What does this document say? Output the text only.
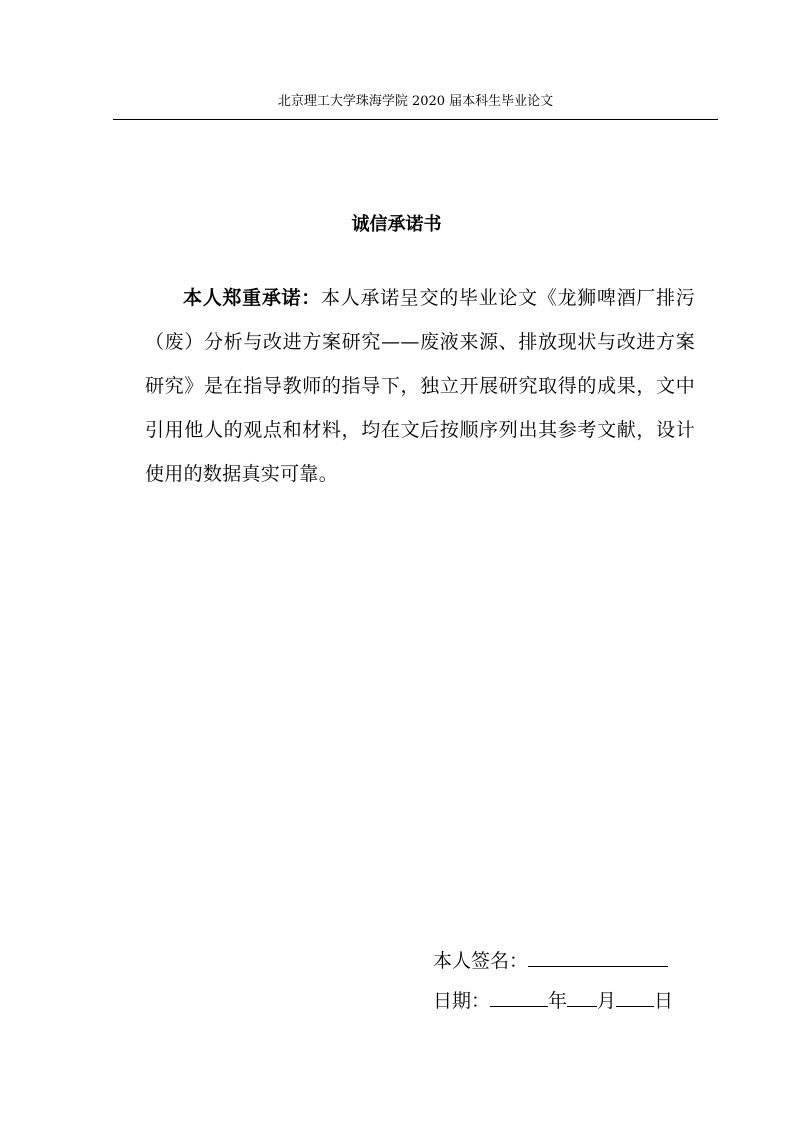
北京理工大学珠海学院 2020 届本科生毕业论文
诚信承诺书
本人郑重承诺：本人承诺呈交的毕业论文《龙狮啤酒厂排污（废）分析与改进方案研究——废液来源、排放现状与改进方案研究》是在指导教师的指导下，独立开展研究取得的成果，文中引用他人的观点和材料，均在文后按顺序列出其参考文献，设计使用的数据真实可靠。
本人签名：
日期：	年 月 日
